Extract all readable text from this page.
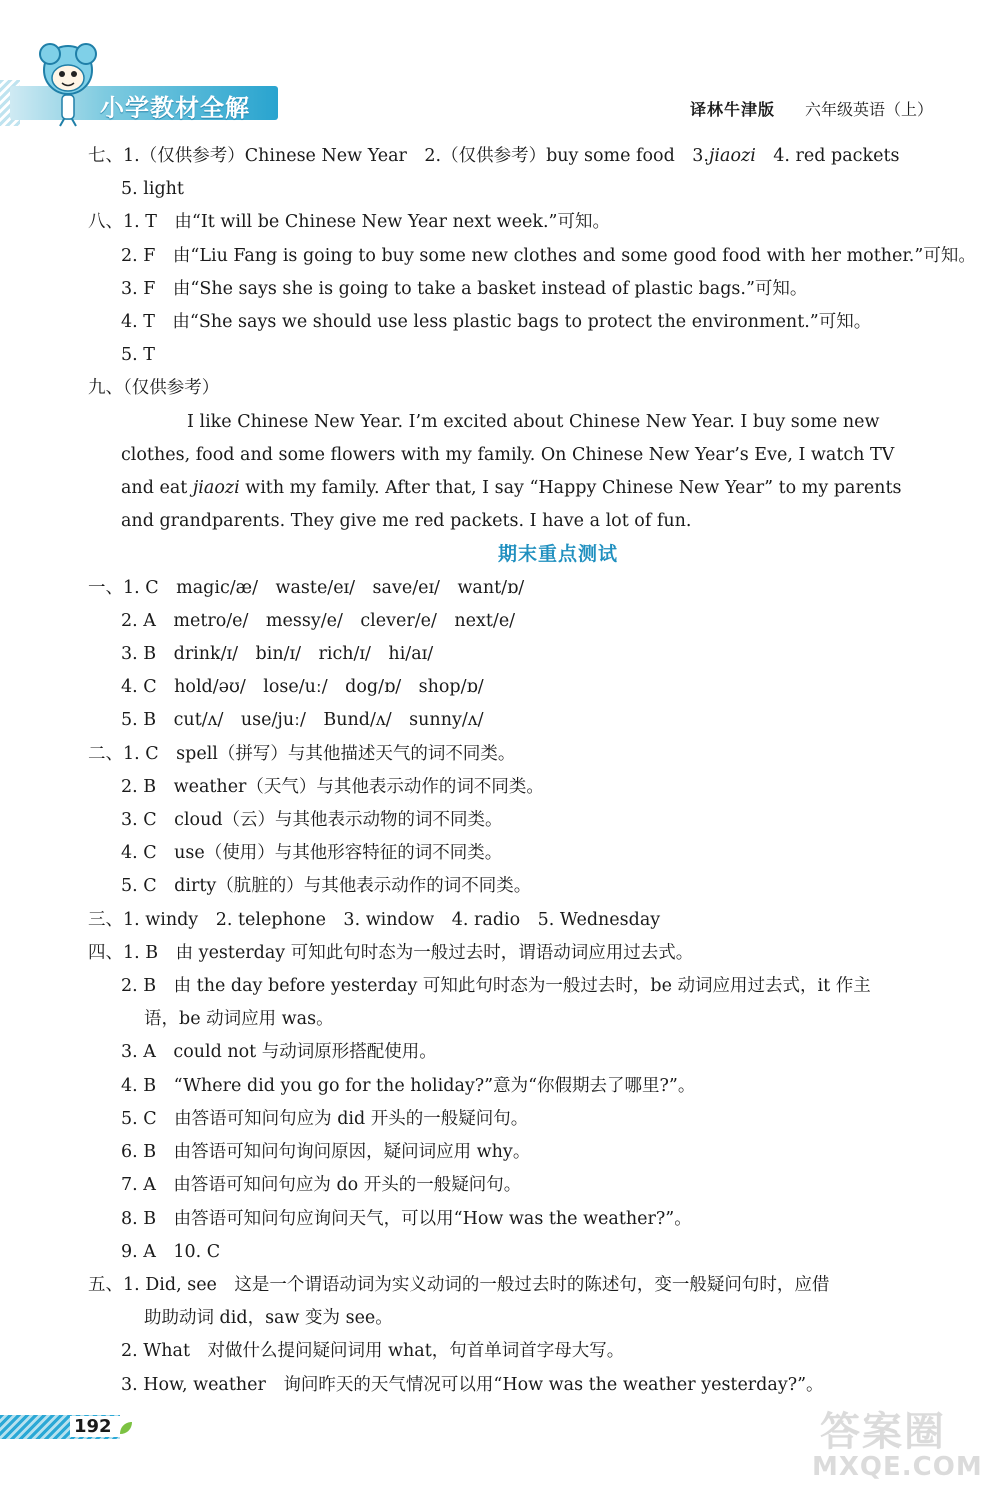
小学教材全解	译林牛津版 六年级英语（上）
七、1.（仅供参考）Chinese New Year　2.（仅供参考）buy some food　3.jiaozi　4. red packets
5. light
八、1. T　由“It will be Chinese New Year next week.”可知。
2. F　由“Liu Fang is going to buy some new clothes and some good food with her mother.”可知。
3. F　由“She says she is going to take a basket instead of plastic bags.”可知。
4. T　由“She says we should use less plastic bags to protect the environment.”可知。
5. T
九、（仅供参考）
I like Chinese New Year. I’m excited about Chinese New Year. I buy some new
clothes, food and some flowers with my family. On Chinese New Year’s Eve, I watch TV
and eat jiaozi with my family. After that, I say “Happy Chinese New Year” to my parents
and grandparents. They give me red packets. I have a lot of fun.
期末重点测试
一、1. C　magic/æ/　waste/eɪ/　save/eɪ/　want/ɒ/
2. A　metro/e/　messy/e/　clever/e/　next/e/
3. B　drink/ɪ/　bin/ɪ/　rich/ɪ/　hi/aɪ/
4. C　hold/əʊ/　lose/uː/　dog/ɒ/　shop/ɒ/
5. B　cut/ʌ/　use/juː/　Bund/ʌ/　sunny/ʌ/
二、1. C　spell（拼写）与其他描述天气的词不同类。
2. B　weather（天气）与其他表示动作的词不同类。
3. C　cloud（云）与其他表示动物的词不同类。
4. C　use（使用）与其他形容特征的词不同类。
5. C　dirty（肮脏的）与其他表示动作的词不同类。
三、1. windy　2. telephone　3. window　4. radio　5. Wednesday
四、1. B　由 yesterday 可知此句时态为一般过去时，谓语动词应用过去式。
2. B　由 the day before yesterday 可知此句时态为一般过去时，be 动词应用过去式，it 作主
语，be 动词应用 was。
3. A　could not 与动词原形搭配使用。
4. B　“Where did you go for the holiday?”意为“你假期去了哪里?”。
5. C　由答语可知问句应为 did 开头的一般疑问句。
6. B　由答语可知问句询问原因，疑问词应用 why。
7. A　由答语可知问句应为 do 开头的一般疑问句。
8. B　由答语可知问句应询问天气，可以用“How was the weather?”。
9. A　10. C
五、1. Did, see　这是一个谓语动词为实义动词的一般过去时的陈述句，变一般疑问句时，应借
助助动词 did，saw 变为 see。
2. What　对做什么提问疑问词用 what，句首单词首字母大写。
3. How, weather　询问昨天的天气情况可以用“How was the weather yesterday?”。
192	答案圈
MXQE.COM
